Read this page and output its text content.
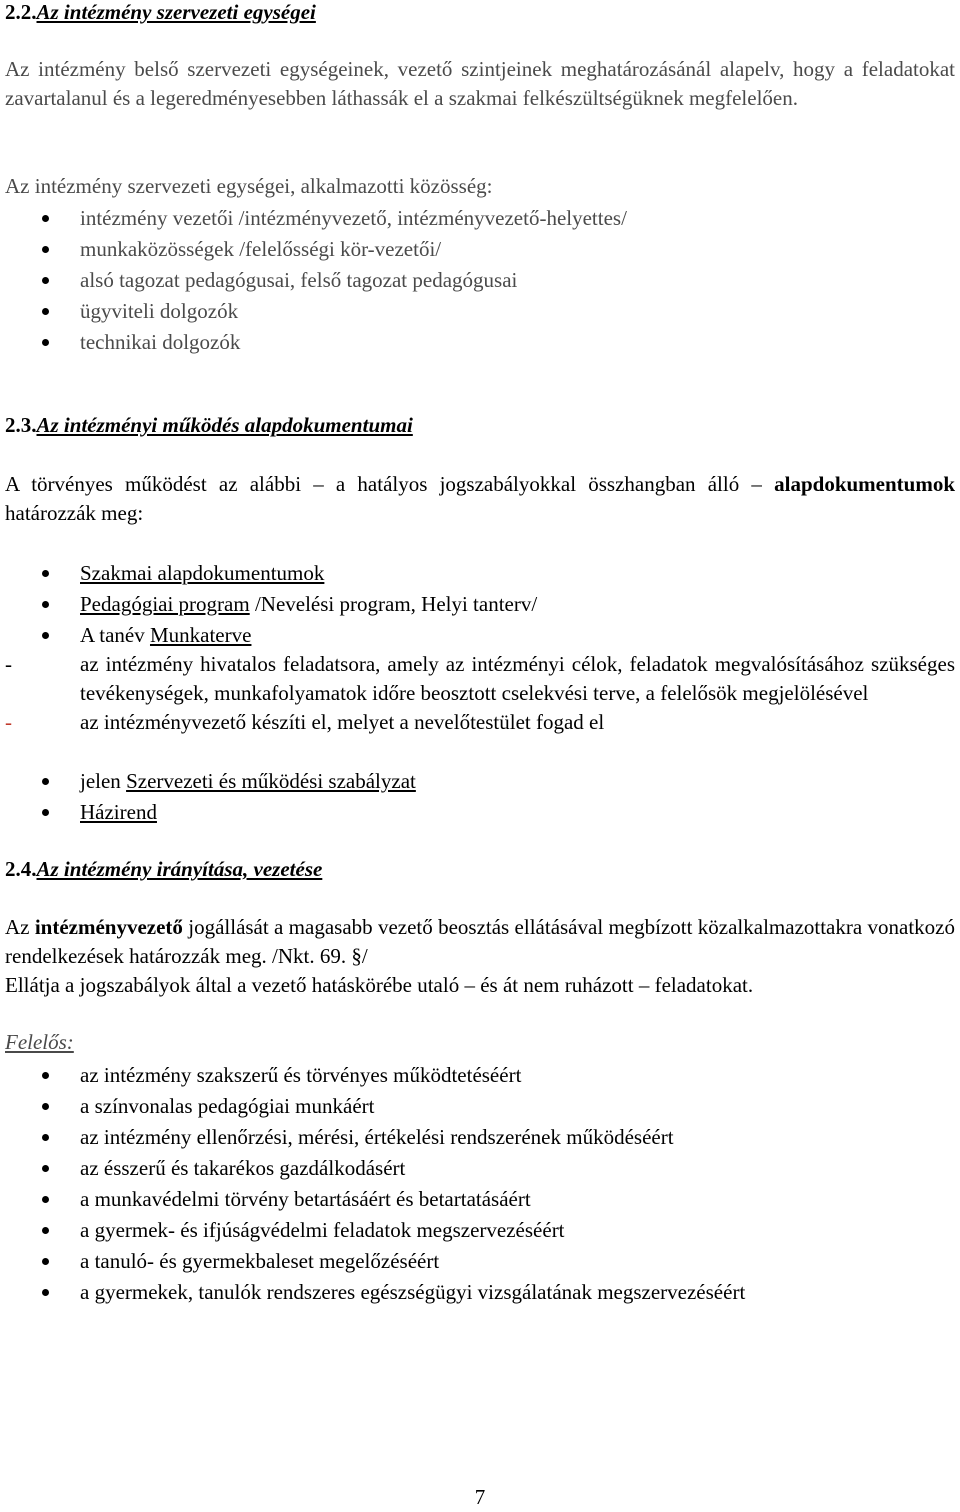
2.2.Az intézmény szervezeti egységei

Az intézmény belső szervezeti egységeinek, vezető szintjeinek meghatározásánál alapelv, hogy a feladatokat zavartalanul és a legeredményesebben láthassák el a szakmai felkészültségüknek megfelelően.

Az intézmény szervezeti egységei, alkalmazotti közösség:

intézmény vezetői /intézményvezető, intézményvezető-helyettes/
munkaközösségek /felelősségi kör-vezetői/
alsó tagozat pedagógusai, felső tagozat pedagógusai
ügyviteli dolgozók
technikai dolgozók

2.3.Az intézményi működés alapdokumentumai

A törvényes működést az alábbi – a hatályos jogszabályokkal összhangban álló – alapdokumentumok határozzák meg:

Szakmai alapdokumentumok
Pedagógiai program /Nevelési program, Helyi tanterv/
A tanév Munkaterve
-	az intézmény hivatalos feladatsora, amely az intézményi célok, feladatok megvalósításához szükséges tevékenységek, munkafolyamatok időre beosztott cselekvési terve, a felelősök megjelölésével
-	az intézményvezető készíti el, melyet a nevelőtestület fogad el
jelen Szervezeti és működési szabályzat
Házirend

2.4.Az intézmény irányítása, vezetése

Az intézményvezető jogállását a magasabb vezető beosztás ellátásával megbízott közalkalmazottakra vonatkozó rendelkezések határozzák meg. /Nkt. 69. §/

Ellátja a jogszabályok által a vezető hatáskörébe utaló – és át nem ruházott – feladatokat.

Felelős:

az intézmény szakszerű és törvényes működtetéséért
a színvonalas pedagógiai munkáért
az intézmény ellenőrzési, mérési, értékelési rendszerének működéséért
az ésszerű és takarékos gazdálkodásért
a munkavédelmi törvény betartásáért és betartatásáért
a gyermek- és ifjúságvédelmi feladatok megszervezéséért
a tanuló- és gyermekbaleset megelőzéséért
a gyermekek, tanulók rendszeres egészségügyi vizsgálatának megszervezéséért
7
